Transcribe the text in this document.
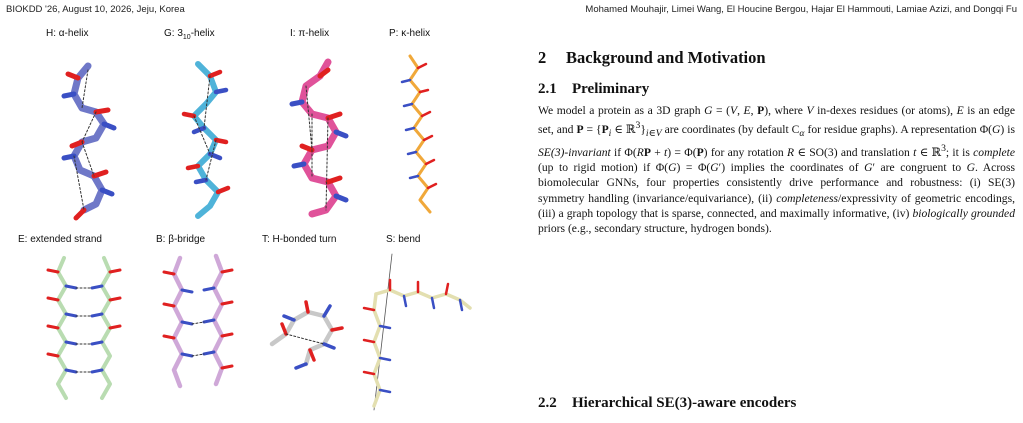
BIOKDD '26, August 10, 2026, Jeju, Korea	Mohamed Mouhajir, Limei Wang, El Houcine Bergou, Hajar El Hammouti, Lamiae Azizi, and Dongqi Fu
H: α-helix	G: $3_{10}$-helix	I: π-helix	P: κ-helix
E: extended strand	B: β-bridge	T: H-bonded turn	S: bend
2 Background and Motivation
2.1 Preliminary

We model a protein as a 3D graph G = (V, E, P), where V in-dexes residues (or atoms), E is an edge set, and $P = \{P_i$ ∈ $ℝ^3\}_{i\in V}$ are coordinates (by default $C_\alpha$ for residue graphs). A representation Φ(G) is SE(3)-invariant if Φ(RP + t) = Φ(P) for any rotation R ∈ SO(3) and translation t ∈ ℝ$^3$; it is complete (up to rigid motion) if Φ(G) = Φ(G′) implies the coordinates of G′ are congruent to G. Across biomolecular GNNs, four properties consistently drive performance and robustness: (i) SE(3) symmetry handling (invariance/equivariance), (ii) completeness/expressivity of geometric encodings, (iii) a graph topology that is sparse, connected, and maximally informative, (iv) biologically grounded priors (e.g., secondary structure, hydrogen bonds).

2.2 Hierarchical SE(3)-aware encoders
